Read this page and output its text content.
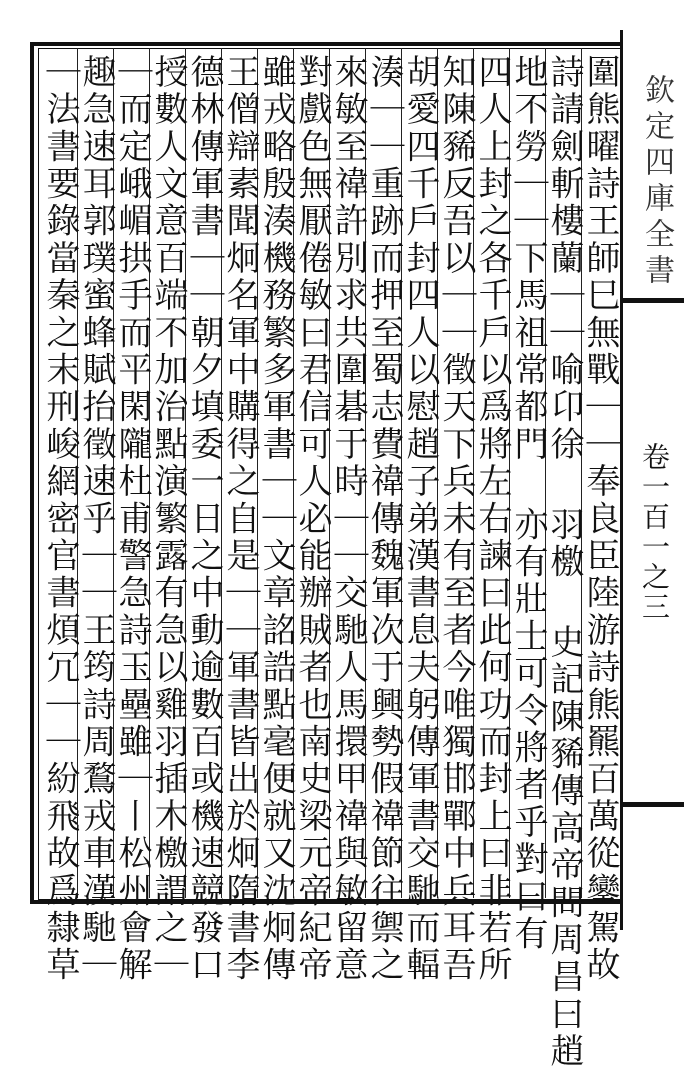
圍熊曜詩王師巳無戰｜｜奉良臣陸游詩熊羆百萬從鑾駕故
詩請劍斬樓蘭｜｜喻卬徐 羽檄 史記陳豨傳高帝問周昌曰趙
地不勞｜｜下馬祖常都門 亦有壯士可令將者乎對曰有
四人上封之各千戶以爲將左右諫曰此何功而封上曰非若所
知陳豨反吾以｜｜徵天下兵未有至者今唯獨邯鄲中兵耳吾
胡愛四千戶封四人以慰趙子弟漢書息夫躬傳軍書交馳而輻
湊｜｜重跡而押至蜀志費禕傳魏軍次于興勢假禕節往禦之
來敏至禕許別求共圍碁于時｜｜交馳人馬擐甲禕與敏留意
對戲色無厭倦敏曰君信可人必能辦賊者也南史梁元帝紀帝
雖戎略殷湊機務繁多軍書｜｜文章詺誥點毫便就又沈炯傳
王僧辯素聞炯名軍中購得之自是｜｜軍書皆出於炯隋書李
德林傳軍書｜｜朝夕填委一日之中動逾數百或機速競發口
授數人文意百端不加治點演繁露有急以雞羽插木檄謂之｜
｜而定峨嵋拱手而平閑隴杜甫警急詩玉壘雖｜丨松州會解
趣急速耳郭璞蜜蜂賦抬徵速乎｜｜王筠詩周鶩戎車漢馳｜
｜法書要錄當秦之末刑峻網密官書煩冗｜｜紛飛故爲隸草	欽定四庫全書
卷一百一之三
